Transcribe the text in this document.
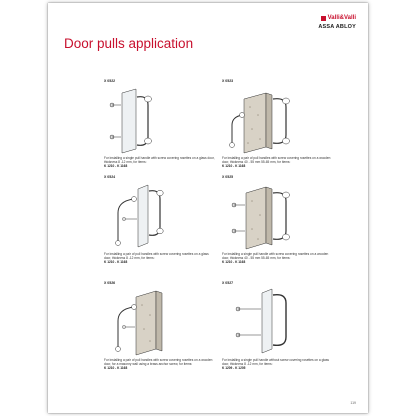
Valli&Valli
ASSA ABLOY
Door pulls application
X 0522
For installing a single pull handle with screw covering rosettes on a glass door, thickness 8 -12 mm, for items:
K 1210 - K 1168
X 0523
For installing a pair of pull handles with screw covering rosettes on a wooden door, thickness 40 - 55 mm 55-65 mm, for items:
K 1210 - K 1168
X 0524
For installing a pair of pull handles with screw covering rosettes on a glass door, thickness 8 -12 mm, for items:
K 1210 - K 1168
X 0525
For installing a single pull handle with screw covering rosettes on a wooden door, thickness 40 - 55 mm 55-65 mm, for items:
K 1210 - K 1168
X 0526
For installing a pair of pull handles with screw covering rosettes on a wooden door, for a masonry wall using a brass anchor screw, for items:
K 1210 - K 1168
X 0527
For installing a single pull handle without screw covering rosettes on a glass door, thickness 8 -12 mm, for items:
K 1209 - K 1205
119
